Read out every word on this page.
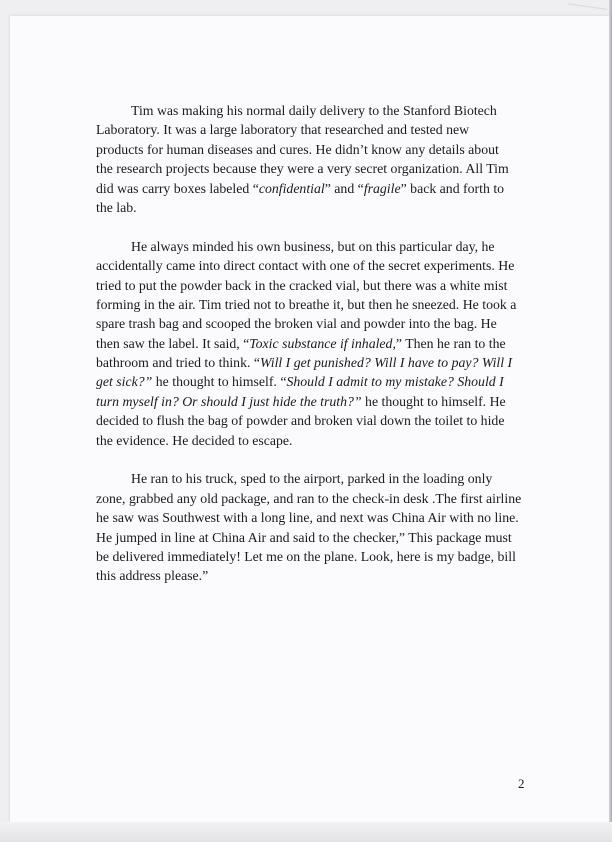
Tim was making his normal daily delivery to the Stanford Biotech
Laboratory. It was a large laboratory that researched and tested new
products for human diseases and cures. He didn’t know any details about
the research projects because they were a very secret organization. All Tim
did was carry boxes labeled “confidential” and “fragile” back and forth to
the lab.
He always minded his own business, but on this particular day, he
accidentally came into direct contact with one of the secret experiments. He
tried to put the powder back in the cracked vial, but there was a white mist
forming in the air. Tim tried not to breathe it, but then he sneezed. He took a
spare trash bag and scooped the broken vial and powder into the bag. He
then saw the label. It said, “Toxic substance if inhaled,” Then he ran to the
bathroom and tried to think. “Will I get punished? Will I have to pay? Will I
get sick?” he thought to himself. “Should I admit to my mistake? Should I
turn myself in? Or should I just hide the truth?” he thought to himself. He
decided to flush the bag of powder and broken vial down the toilet to hide
the evidence. He decided to escape.
He ran to his truck, sped to the airport, parked in the loading only
zone, grabbed any old package, and ran to the check-in desk .The first airline
he saw was Southwest with a long line, and next was China Air with no line.
He jumped in line at China Air and said to the checker,” This package must
be delivered immediately! Let me on the plane. Look, here is my badge, bill
this address please.”
2
